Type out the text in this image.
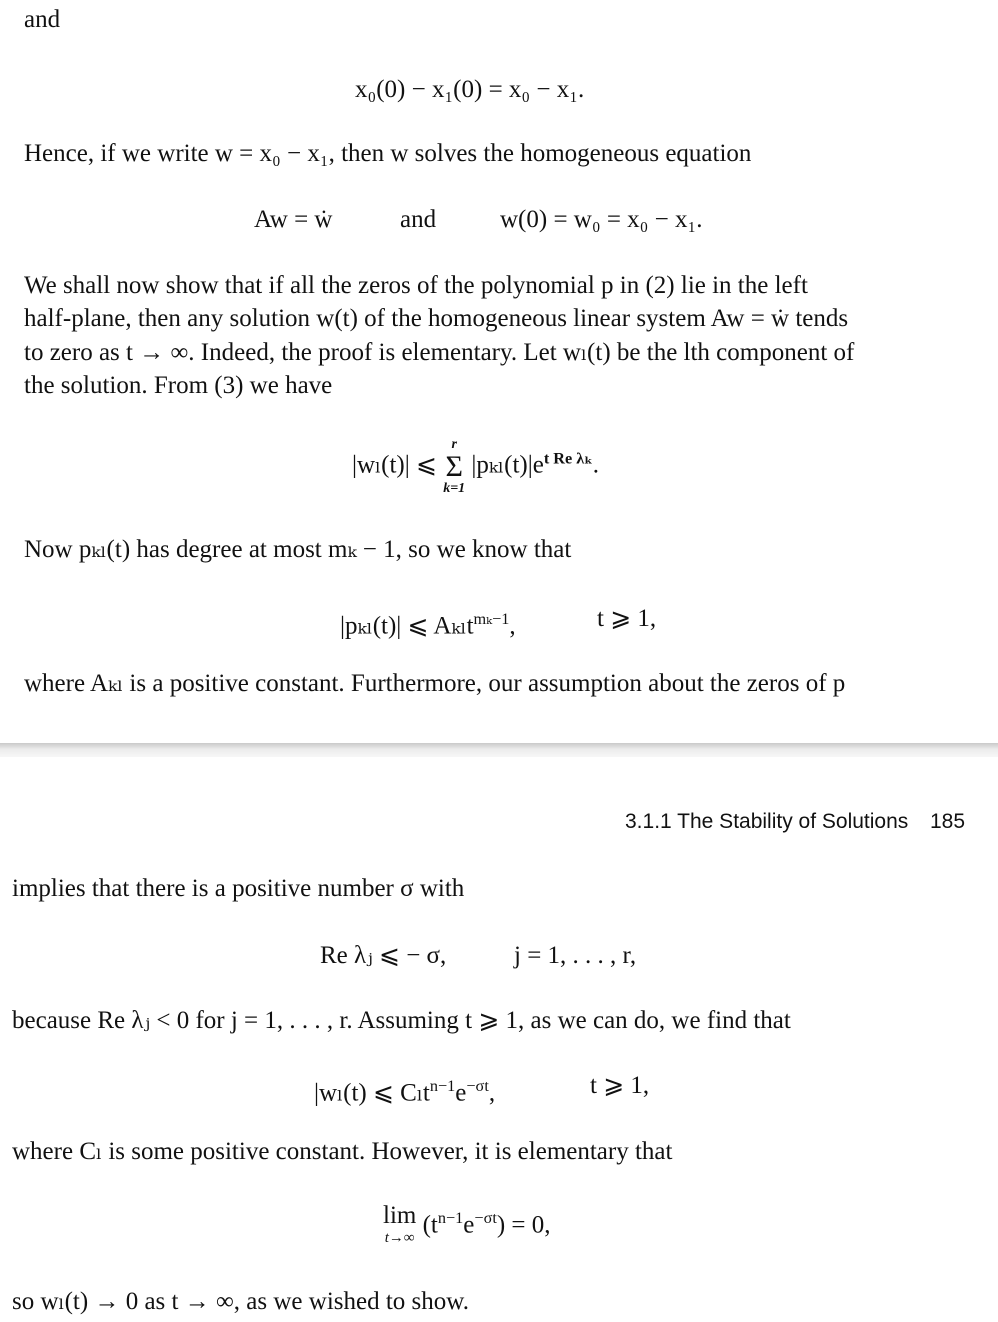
and
x₀(0) − x₁(0) = x₀ − x₁.
Hence, if we write w = x₀ − x₁, then w solves the homogeneous equation
Aw = ẇ	and	w(0) = w₀ = x₀ − x₁.
We shall now show that if all the zeros of the polynomial p in (2) lie in the left
half-plane, then any solution w(t) of the homogeneous linear system Aw = ẇ tends
to zero as t → ∞. Indeed, the proof is elementary. Let wₗ(t) be the lth component of
the solution. From (3) we have
|wₗ(t)| ⩽
r
Σ
k=1
$|p_{kl}(t)|e^{t Re \lambda_k}$.
Now pₖₗ(t) has degree at most mₖ − 1, so we know that
|pₖₗ(t)| ⩽ Aₖₗt$^{m_k-1}$,	t ⩾ 1,
where Aₖₗ is a positive constant. Furthermore, our assumption about the zeros of p
3.1.1 The Stability of Solutions 185
implies that there is a positive number σ with
Re λⱼ ⩽ − σ,	j = 1, . . . , r,
because Re λⱼ < 0 for j = 1, . . . , r. Assuming t ⩾ 1, as we can do, we find that
|wₗ(t) ⩽ $C_lt^{n-1}e^{-\sigma t}$,	t ⩾ 1,
where Cₗ is some positive constant. However, it is elementary that
lim
t→∞ $(t^{n-1}e^{-\sigma t}) = 0$,
so wₗ(t) → 0 as t → ∞, as we wished to show.
